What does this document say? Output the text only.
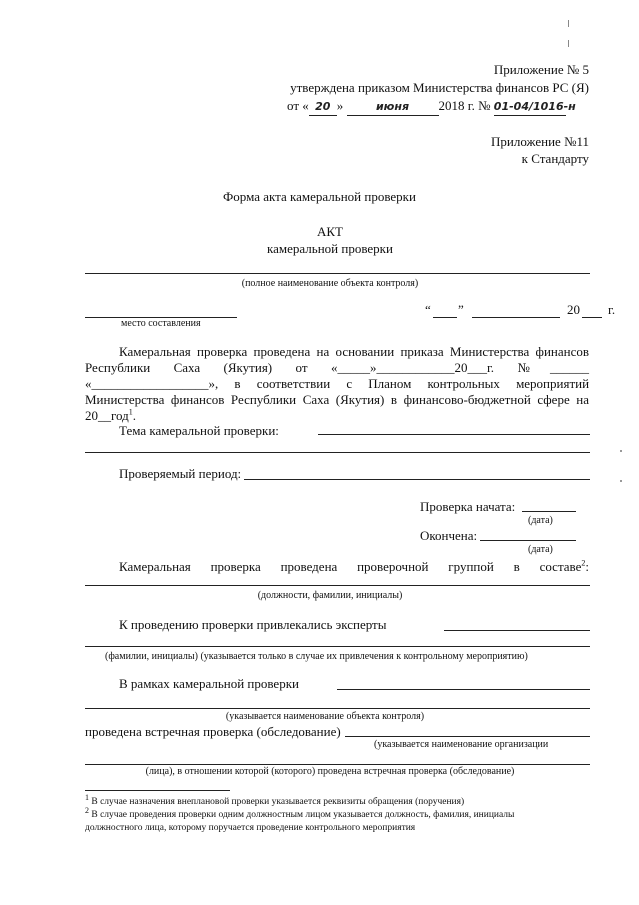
Приложение № 5
утверждена приказом Министерства финансов РС (Я)
от « 20 »	июня 2018 г. № 01-04/1016-н
Приложение №11
к Стандарту
Форма акта камеральной проверки
АКТ
камеральной проверки
(полное наименование объекта контроля)
место составления
“ ”	20 г.
Камеральная проверка проведена на основании приказа Министерства финансов
Республики Саха (Якутия) от «_____»____________20___г. №______
«__________________», в соответствии с Планом контрольных мероприятий
Министерства финансов Республики Саха (Якутия) в финансово-бюджетной сфере на
20__год$^1$.
Тема камеральной проверки:
Проверяемый период:
Проверка начата:
(дата)
Окончена:
(дата)
Камеральная проверка проведена проверочной группой в составе$^2$:
(должности, фамилии, инициалы)
К проведению проверки привлекались эксперты
(фамилии, инициалы) (указывается только в случае их привлечения к контрольному мероприятию)
В рамках камеральной проверки
(указывается наименование объекта контроля)
проведена встречная проверка (обследование)
(указывается наименование организации
(лица), в отношении которой (которого) проведена встречная проверка (обследование)
$^1$ В случае назначения внеплановой проверки указывается реквизиты обращения (поручения)
$^2$ В случае проведения проверки одним должностным лицом указывается должность, фамилия, инициалы
должностного лица, которому поручается проведение контрольного мероприятия
